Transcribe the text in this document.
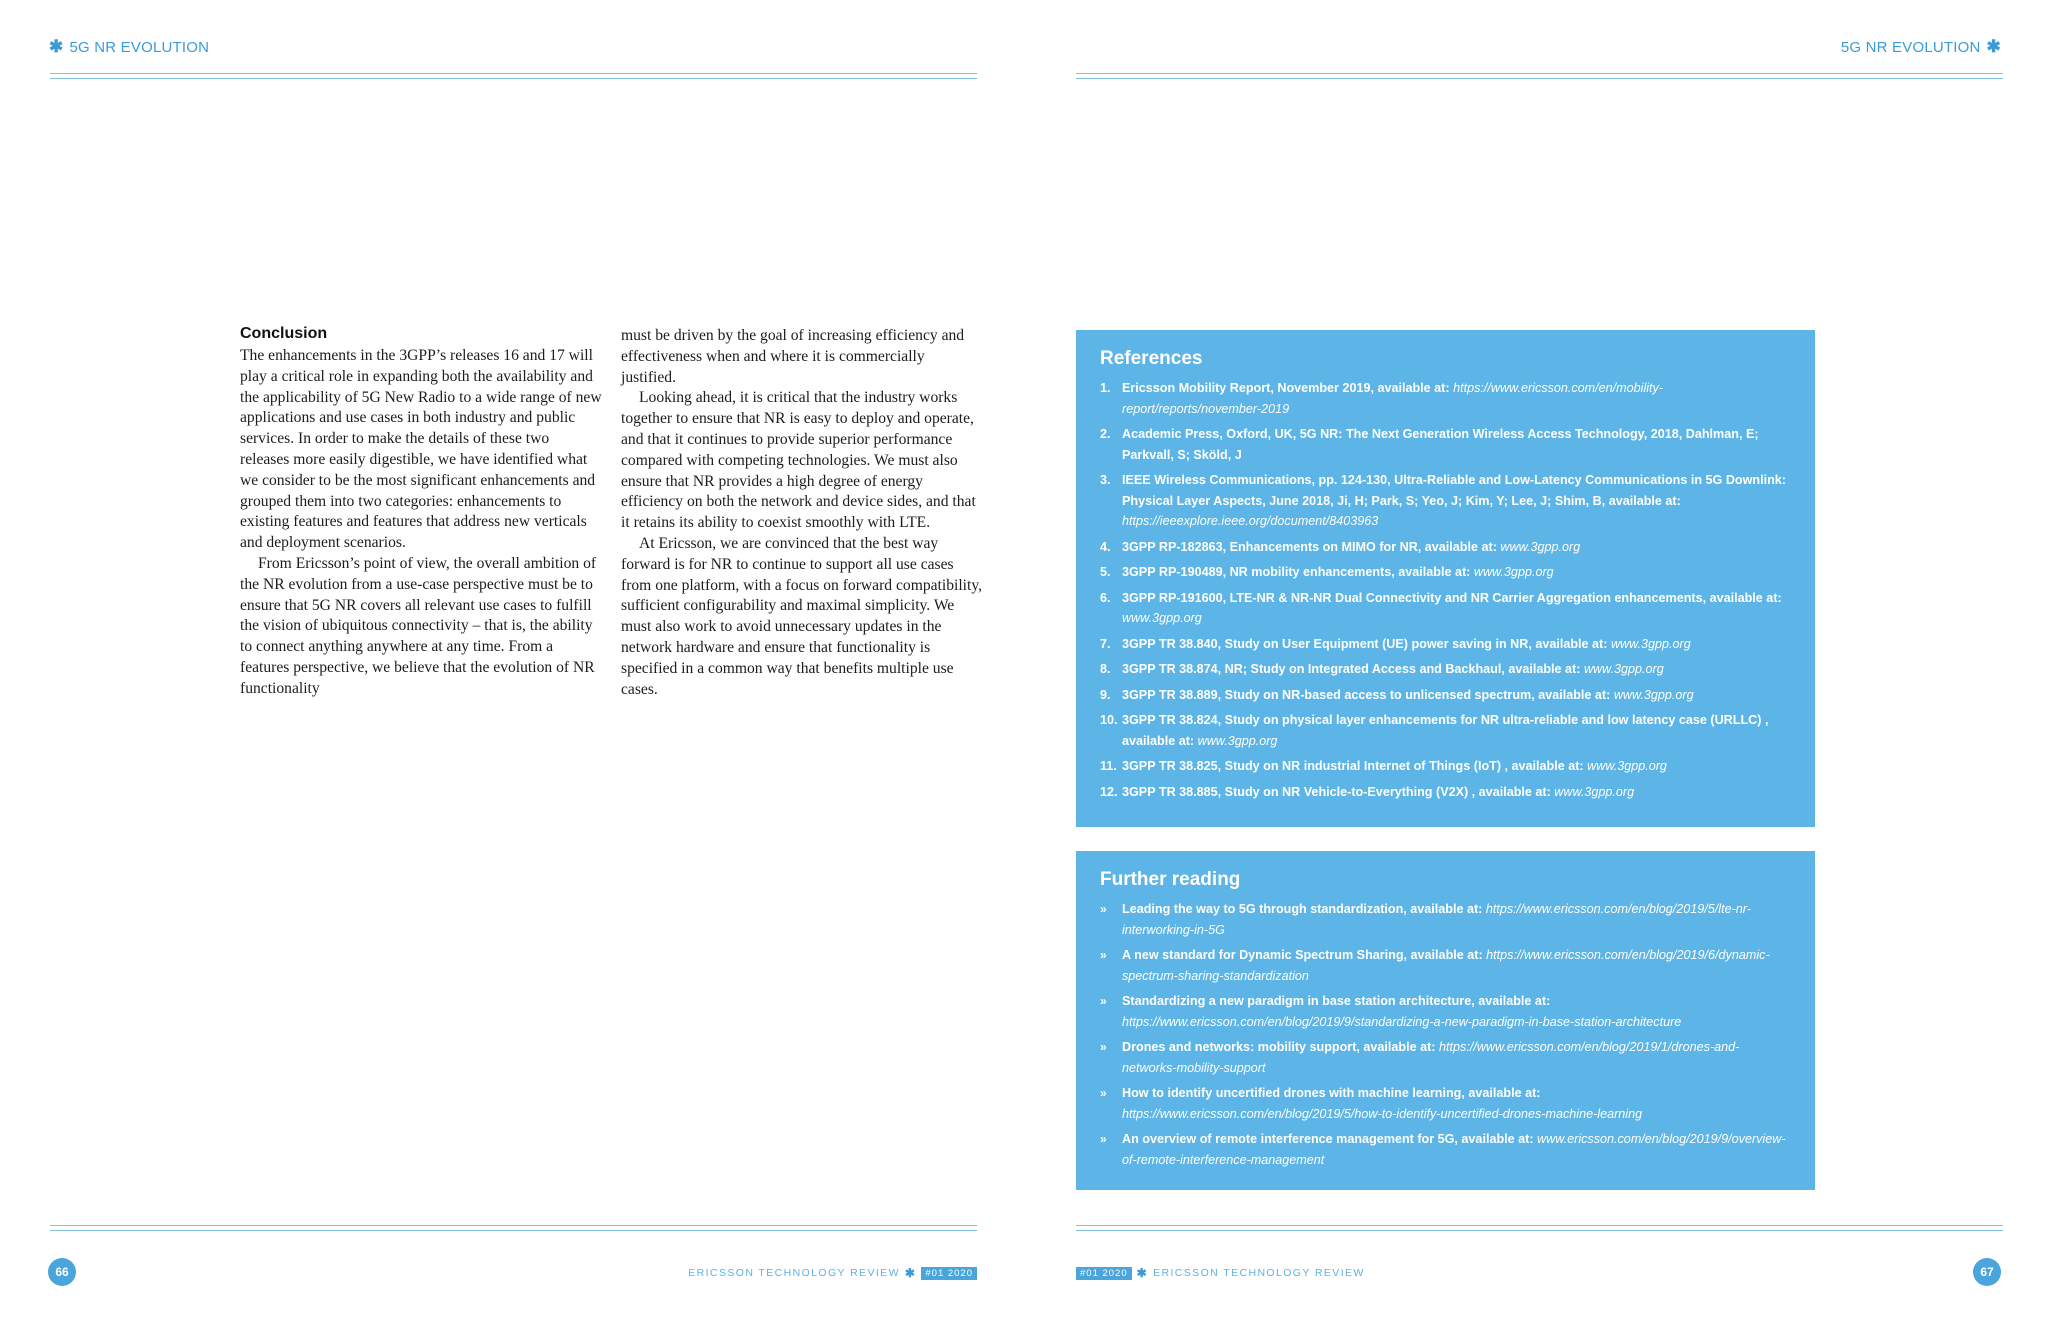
✱ 5G NR EVOLUTION
Conclusion

The enhancements in the 3GPP’s releases 16 and 17 will play a critical role in expanding both the availability and the applicability of 5G New Radio to a wide range of new applications and use cases in both industry and public services. In order to make the details of these two releases more easily digestible, we have identified what we consider to be the most significant enhancements and grouped them into two categories: enhancements to existing features and features that address new verticals and deployment scenarios.

From Ericsson’s point of view, the overall ambition of the NR evolution from a use-case perspective must be to ensure that 5G NR covers all relevant use cases to fulfill the vision of ubiquitous connectivity – that is, the ability to connect anything anywhere at any time. From a features perspective, we believe that the evolution of NR functionality

must be driven by the goal of increasing efficiency and effectiveness when and where it is commercially justified.

Looking ahead, it is critical that the industry works together to ensure that NR is easy to deploy and operate, and that it continues to provide superior performance compared with competing technologies. We must also ensure that NR provides a high degree of energy efficiency on both the network and device sides, and that it retains its ability to coexist smoothly with LTE.

At Ericsson, we are convinced that the best way forward is for NR to continue to support all use cases from one platform, with a focus on forward compatibility, sufficient configurability and maximal simplicity. We must also work to avoid unnecessary updates in the network hardware and ensure that functionality is specified in a common way that benefits multiple use cases.

66	ERICSSON TECHNOLOGY REVIEW ✱ #01 2020
5G NR EVOLUTION ✱
#01 2020 ✱ ERICSSON TECHNOLOGY REVIEW	67
References
1. Ericsson Mobility Report, November 2019, available at: https://www.ericsson.com/en/mobility-report/reports/november-2019
2. Academic Press, Oxford, UK, 5G NR: The Next Generation Wireless Access Technology, 2018, Dahlman, E; Parkvall, S; Sköld, J
3. IEEE Wireless Communications, pp. 124-130, Ultra-Reliable and Low-Latency Communications in 5G Downlink: Physical Layer Aspects, June 2018, Ji, H; Park, S; Yeo, J; Kim, Y; Lee, J; Shim, B, available at: https://ieeexplore.ieee.org/document/8403963
4. 3GPP RP-182863, Enhancements on MIMO for NR, available at: www.3gpp.org
5. 3GPP RP-190489, NR mobility enhancements, available at: www.3gpp.org
6. 3GPP RP-191600, LTE-NR & NR-NR Dual Connectivity and NR Carrier Aggregation enhancements, available at: www.3gpp.org
7. 3GPP TR 38.840, Study on User Equipment (UE) power saving in NR, available at: www.3gpp.org
8. 3GPP TR 38.874, NR; Study on Integrated Access and Backhaul, available at: www.3gpp.org
9. 3GPP TR 38.889, Study on NR-based access to unlicensed spectrum, available at: www.3gpp.org
10. 3GPP TR 38.824, Study on physical layer enhancements for NR ultra-reliable and low latency case (URLLC) , available at: www.3gpp.org
11. 3GPP TR 38.825, Study on NR industrial Internet of Things (IoT) , available at: www.3gpp.org
12. 3GPP TR 38.885, Study on NR Vehicle-to-Everything (V2X) , available at: www.3gpp.org
Further reading
»	Leading the way to 5G through standardization, available at: https://www.ericsson.com/en/blog/2019/5/lte-nr-interworking-in-5G
»	A new standard for Dynamic Spectrum Sharing, available at: https://www.ericsson.com/en/blog/2019/6/dynamic-spectrum-sharing-standardization
»	Standardizing a new paradigm in base station architecture, available at: https://www.ericsson.com/en/blog/2019/9/standardizing-a-new-paradigm-in-base-station-architecture
»	Drones and networks: mobility support, available at: https://www.ericsson.com/en/blog/2019/1/drones-and-networks-mobility-support
»	How to identify uncertified drones with machine learning, available at: https://www.ericsson.com/en/blog/2019/5/how-to-identify-uncertified-drones-machine-learning
»	An overview of remote interference management for 5G, available at: www.ericsson.com/en/blog/2019/9/overview-of-remote-interference-management
